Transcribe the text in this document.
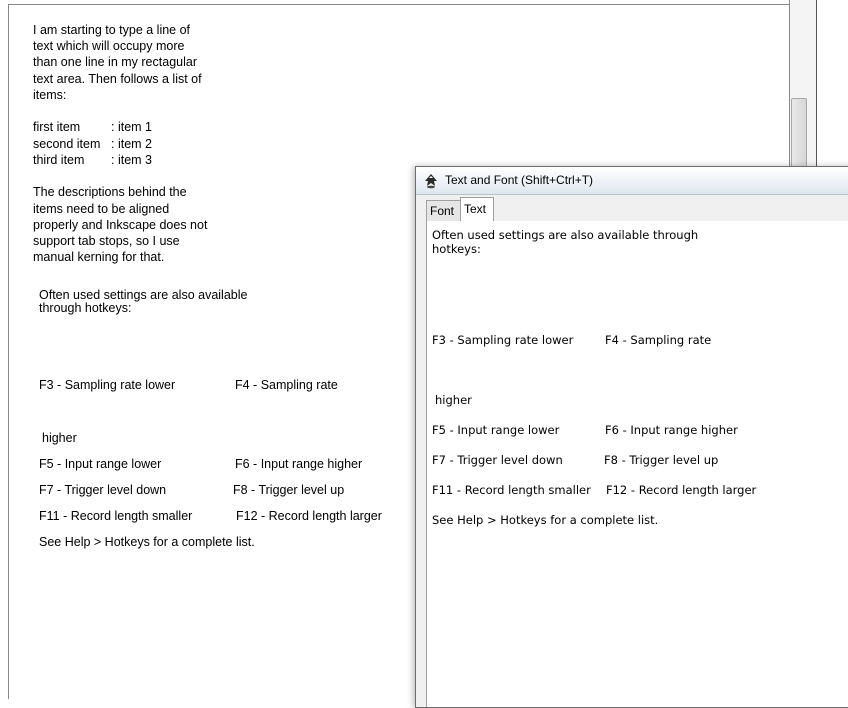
I am starting to type a line of
text which will occupy more
than one line in my rectagular
text area. Then follows a list of
items:
first item : item 1
second item : item 2
third item : item 3
The descriptions behind the
items need to be aligned
properly and Inkscape does not
support tab stops, so I use
manual kerning for that.
Often used settings are also available
through hotkeys:
F3 - Sampling rate lower	F4 - Sampling rate
higher
F5 - Input range lower	F6 - Input range higher
F7 - Trigger level down	F8 - Trigger level up
F11 - Record length smaller	F12 - Record length larger
See Help > Hotkeys for a complete list.
Text and Font (Shift+Ctrl+T)
Font Text
Often used settings are also available through
hotkeys:
F3 - Sampling rate lower	F4 - Sampling rate
higher
F5 - Input range lower	F6 - Input range higher
F7 - Trigger level down	F8 - Trigger level up
F11 - Record length smaller F12 - Record length larger
See Help > Hotkeys for a complete list.
